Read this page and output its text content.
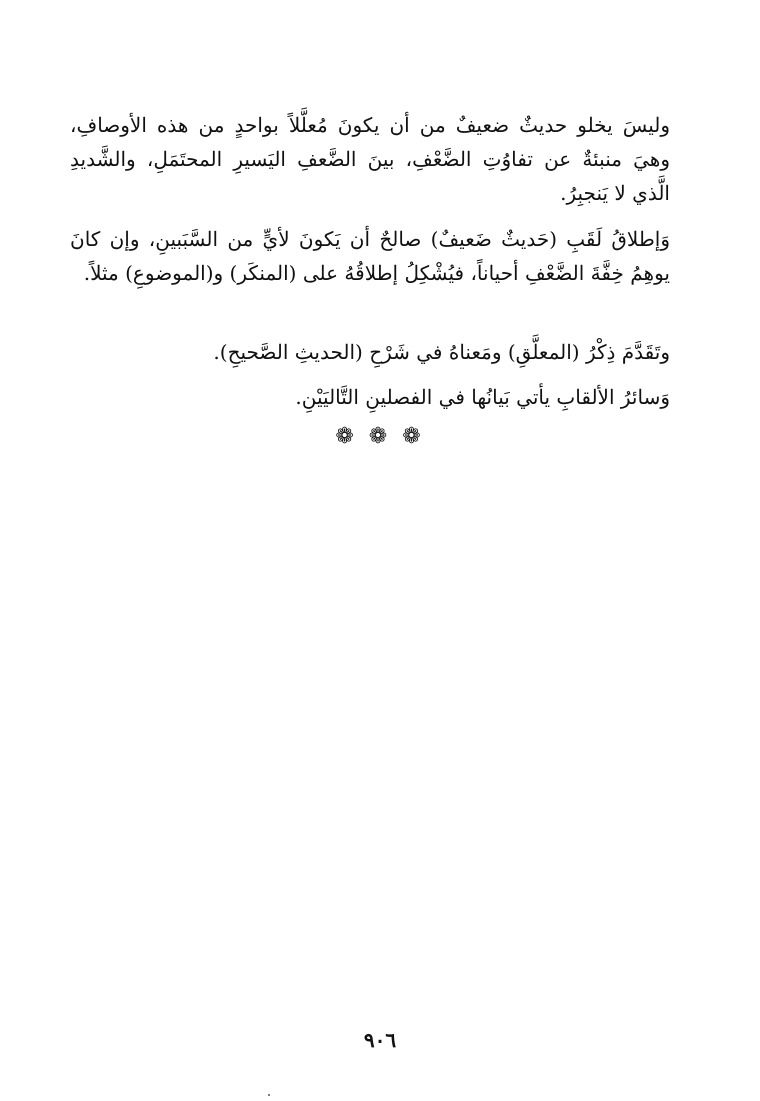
وليسَ يخلو حديثٌ ضعيفٌ من أن يكونَ مُعلَّلاً بواحدٍ من هذه الأوصافِ، وهيَ منبئةٌ عن تفاوُتِ الضَّعْفِ، بينَ الضَّعفِ اليَسيرِ المحتَمَلِ، والشَّديدِ الَّذي لا يَنجبِرُ.

وَإطلاقُ لَقَبِ (حَديثٌ ضَعيفٌ) صالحٌ أن يَكونَ لأيٍّ من السَّبَبينِ، وإن كانَ يوهِمُ خِفَّةَ الضَّعْفِ أحياناً، فيُشْكِلُ إطلاقُهُ على (المنكَر) و(الموضوعِ) مثلاً.

وتَقَدَّمَ ذِكْرُ (المعلَّقِ) ومَعناهُ في شَرْحِ (الحديثِ الصَّحيحِ).

وَسائرُ الألقابِ يأتي بَيانُها في الفصلينِ التَّاليَيْنِ.

❁ ❁ ❁
٩٠٦
